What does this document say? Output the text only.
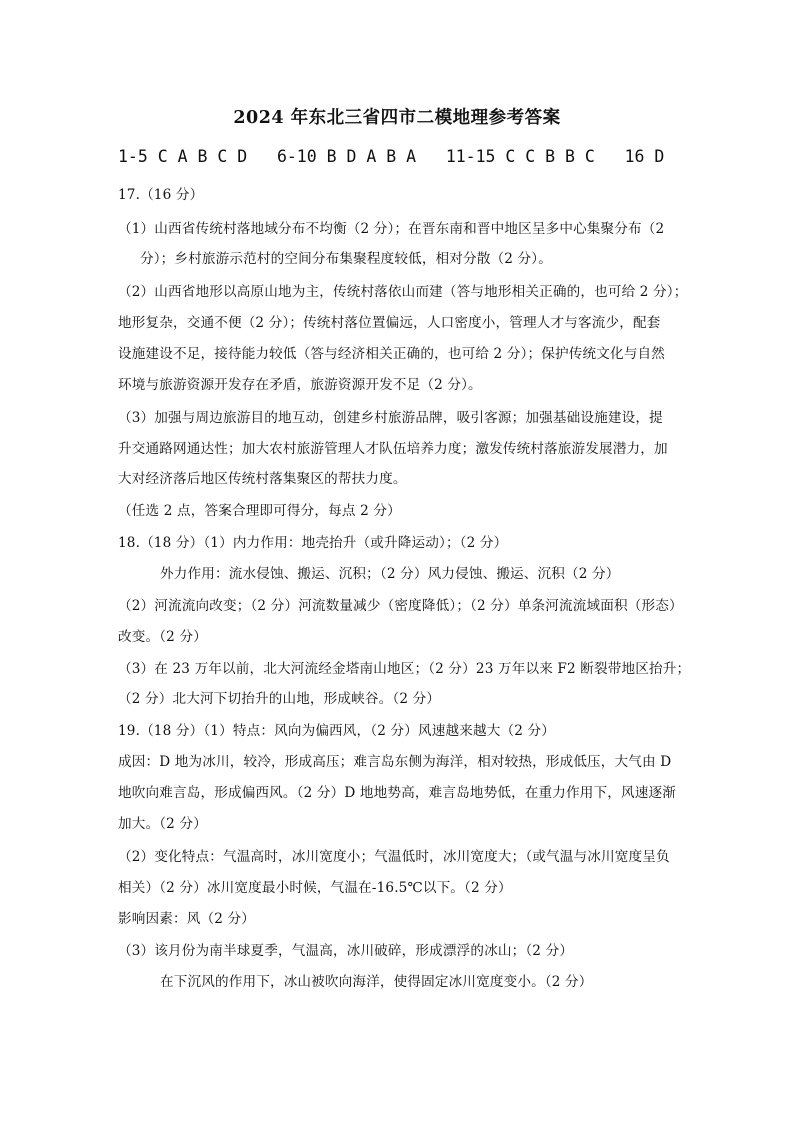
2024 年东北三省四市二模地理参考答案
1-5 C A B C D   6-10 B D A B A   11-15 C C B B C   16 D
17.（16 分）
（1）山西省传统村落地域分布不均衡（2 分）；在晋东南和晋中地区呈多中心集聚分布（2
分）；乡村旅游示范村的空间分布集聚程度较低，相对分散（2 分）。
（2）山西省地形以高原山地为主，传统村落依山而建（答与地形相关正确的，也可给 2 分）；
地形复杂，交通不便（2 分）；传统村落位置偏远，人口密度小，管理人才与客流少，配套
设施建设不足，接待能力较低（答与经济相关正确的，也可给 2 分）；保护传统文化与自然
环境与旅游资源开发存在矛盾，旅游资源开发不足（2 分）。
（3）加强与周边旅游目的地互动，创建乡村旅游品牌，吸引客源；加强基础设施建设，提
升交通路网通达性；加大农村旅游管理人才队伍培养力度；激发传统村落旅游发展潜力，加
大对经济落后地区传统村落集聚区的帮扶力度。
（任选 2 点，答案合理即可得分，每点 2 分）
18.（18 分）（1）内力作用：地壳抬升（或升降运动）；（2 分）
外力作用：流水侵蚀、搬运、沉积；（2 分）风力侵蚀、搬运、沉积（2 分）
（2）河流流向改变；（2 分）河流数量减少（密度降低）；（2 分）单条河流流域面积（形态）
改变。（2 分）
（3）在 23 万年以前，北大河流经金塔南山地区；（2 分）23 万年以来 F2 断裂带地区抬升；
（2 分）北大河下切抬升的山地，形成峡谷。（2 分）
19.（18 分）（1）特点：风向为偏西风，（2 分）风速越来越大（2 分）
成因：D 地为冰川，较冷，形成高压；难言岛东侧为海洋，相对较热，形成低压，大气由 D
地吹向难言岛，形成偏西风。（2 分）D 地地势高，难言岛地势低，在重力作用下，风速逐渐
加大。（2 分）
（2）变化特点：气温高时，冰川宽度小；气温低时，冰川宽度大；（或气温与冰川宽度呈负
相关）（2 分）冰川宽度最小时候，气温在-16.5℃以下。（2 分）
影响因素：风（2 分）
（3）该月份为南半球夏季，气温高，冰川破碎，形成漂浮的冰山；（2 分）
在下沉风的作用下，冰山被吹向海洋，使得固定冰川宽度变小。（2 分）
